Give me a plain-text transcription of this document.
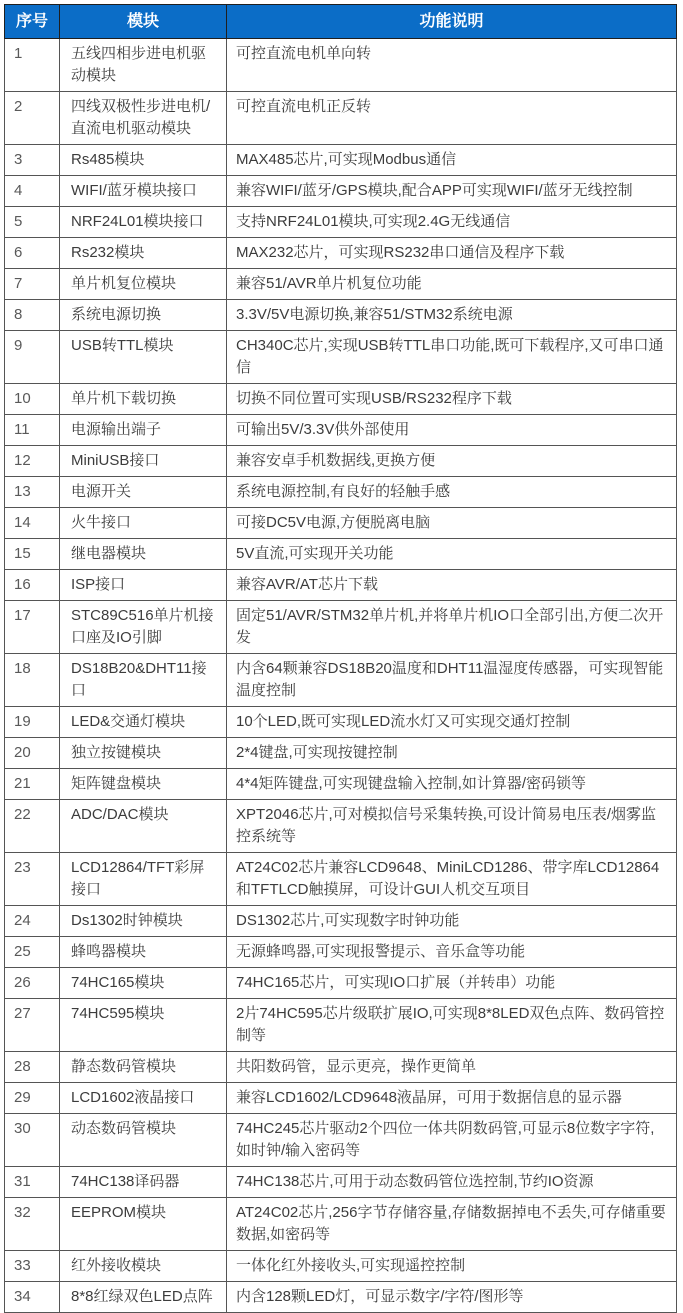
序号	模块	功能说明
1	五线四相步进电机驱动模块	可控直流电机单向转
2	四线双极性步进电机/直流电机驱动模块	可控直流电机正反转
3	Rs485模块	MAX485芯片,可实现Modbus通信
4	WIFI/蓝牙模块接口	兼容WIFI/蓝牙/GPS模块,配合APP可实现WIFI/蓝牙无线控制
5	NRF24L01模块接口	支持NRF24L01模块,可实现2.4G无线通信
6	Rs232模块	MAX232芯片，可实现RS232串口通信及程序下载
7	单片机复位模块	兼容51/AVR单片机复位功能
8	系统电源切换	3.3V/5V电源切换,兼容51/STM32系统电源
9	USB转TTL模块	CH340C芯片,实现USB转TTL串口功能,既可下载程序,又可串口通信
10	单片机下载切换	切换不同位置可实现USB/RS232程序下载
11	电源输出端子	可输出5V/3.3V供外部使用
12	MiniUSB接口	兼容安卓手机数据线,更换方便
13	电源开关	系统电源控制,有良好的轻触手感
14	火牛接口	可接DC5V电源,方便脱离电脑
15	继电器模块	5V直流,可实现开关功能
16	ISP接口	兼容AVR/AT芯片下载
17	STC89C516单片机接口座及IO引脚	固定51/AVR/STM32单片机,并将单片机IO口全部引出,方便二次开发
18	DS18B20&DHT11接口	内含64颗兼容DS18B20温度和DHT11温湿度传感器，可实现智能温度控制
19	LED&交通灯模块	10个LED,既可实现LED流水灯又可实现交通灯控制
20	独立按键模块	2*4键盘,可实现按键控制
21	矩阵键盘模块	4*4矩阵键盘,可实现键盘输入控制,如计算器/密码锁等
22	ADC/DAC模块	XPT2046芯片,可对模拟信号采集转换,可设计简易电压表/烟雾监控系统等
23	LCD12864/TFT彩屏接口	AT24C02芯片兼容LCD9648、MiniLCD1286、带字库LCD12864和TFTLCD触摸屏，可设计GUI人机交互项目
24	Ds1302时钟模块	DS1302芯片,可实现数字时钟功能
25	蜂鸣器模块	无源蜂鸣器,可实现报警提示、音乐盒等功能
26	74HC165模块	74HC165芯片，可实现IO口扩展（并转串）功能
27	74HC595模块	2片74HC595芯片级联扩展IO,可实现8*8LED双色点阵、数码管控制等
28	静态数码管模块	共阳数码管，显示更亮，操作更简单
29	LCD1602液晶接口	兼容LCD1602/LCD9648液晶屏，可用于数据信息的显示器
30	动态数码管模块	74HC245芯片驱动2个四位一体共阴数码管,可显示8位数字字符,如时钟/输入密码等
31	74HC138译码器	74HC138芯片,可用于动态数码管位选控制,节约IO资源
32	EEPROM模块	AT24C02芯片,256字节存储容量,存储数据掉电不丢失,可存储重要数据,如密码等
33	红外接收模块	一体化红外接收头,可实现遥控控制
34	8*8红绿双色LED点阵	内含128颗LED灯，可显示数字/字符/图形等
